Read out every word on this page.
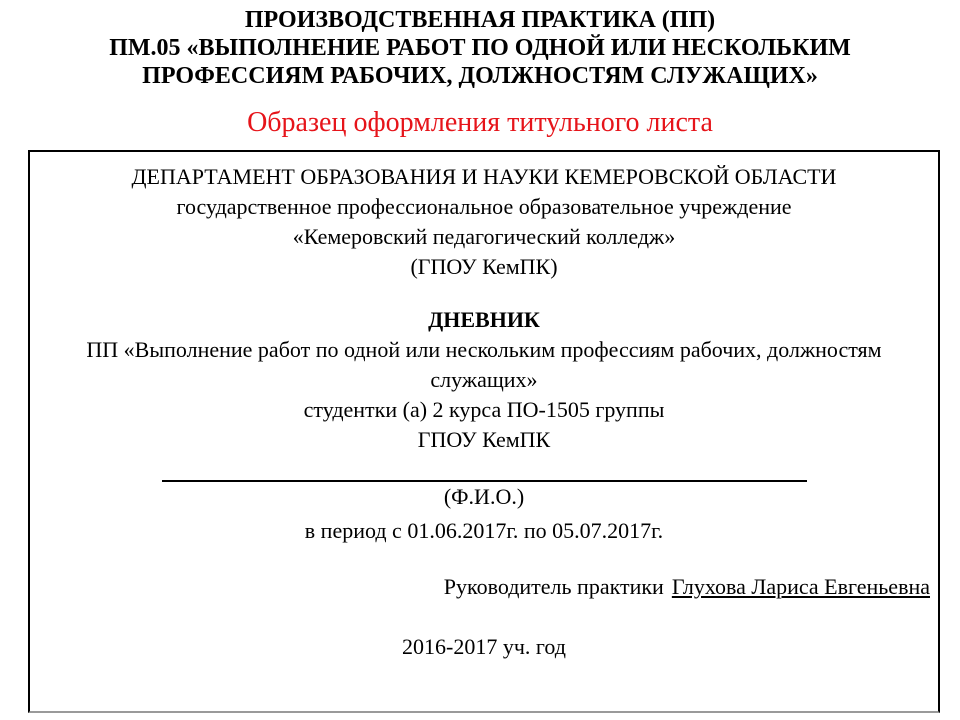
ПРОИЗВОДСТВЕННАЯ ПРАКТИКА (ПП)

ПМ.05 «ВЫПОЛНЕНИЕ РАБОТ ПО ОДНОЙ ИЛИ НЕСКОЛЬКИМ

ПРОФЕССИЯМ РАБОЧИХ, ДОЛЖНОСТЯМ СЛУЖАЩИХ»

Образец оформления титульного листа

ДЕПАРТАМЕНТ ОБРАЗОВАНИЯ И НАУКИ КЕМЕРОВСКОЙ ОБЛАСТИ

государственное профессиональное образовательное учреждение

«Кемеровский педагогический колледж»

(ГПОУ КемПК)

ДНЕВНИК

ПП «Выполнение работ по одной или нескольким профессиям рабочих, должностям

служащих»

студентки (а) 2 курса ПО-1505 группы

ГПОУ КемПК

(Ф.И.О.)

в период с 01.06.2017г. по 05.07.2017г.

Руководитель практики Глухова Лариса Евгеньевна

2016-2017 уч. год
